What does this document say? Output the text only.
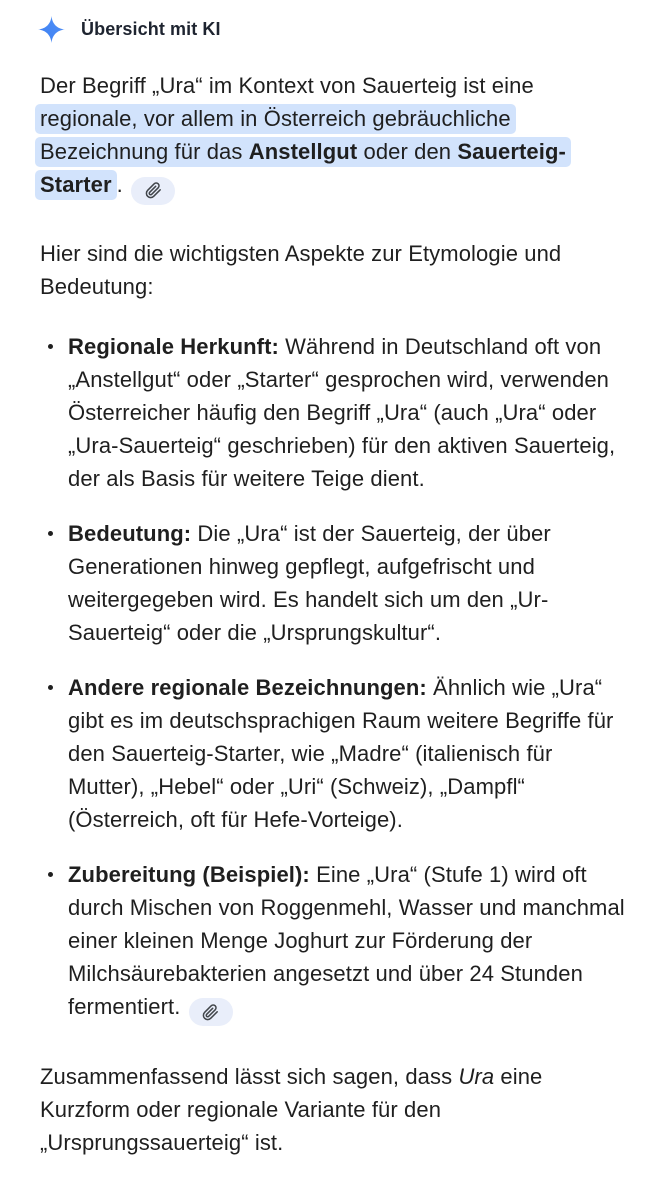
Übersicht mit KI

Der Begriff „Ura“ im Kontext von Sauerteig ist eine regionale, vor allem in Österreich gebräuchliche Bezeichnung für das Anstellgut oder den Sauerteig-Starter .

Hier sind die wichtigsten Aspekte zur Etymologie und Bedeutung:

Regionale Herkunft: Während in Deutschland oft von „Anstellgut“ oder „Starter“ gesprochen wird, verwenden Österreicher häufig den Begriff „Ura“ (auch „Ura“ oder „Ura-Sauerteig“ geschrieben) für den aktiven Sauerteig, der als Basis für weitere Teige dient.
Bedeutung: Die „Ura“ ist der Sauerteig, der über Generationen hinweg gepflegt, aufgefrischt und weitergegeben wird. Es handelt sich um den „Ur-Sauerteig“ oder die „Ursprungskultur“.
Andere regionale Bezeichnungen: Ähnlich wie „Ura“ gibt es im deutschsprachigen Raum weitere Begriffe für den Sauerteig-Starter, wie „Madre“ (italienisch für Mutter), „Hebel“ oder „Uri“ (Schweiz), „Dampfl“ (Österreich, oft für Hefe-Vorteige).
Zubereitung (Beispiel): Eine „Ura“ (Stufe 1) wird oft durch Mischen von Roggenmehl, Wasser und manchmal einer kleinen Menge Joghurt zur Förderung der Milchsäurebakterien angesetzt und über 24 Stunden fermentiert.

Zusammenfassend lässt sich sagen, dass Ura eine Kurzform oder regionale Variante für den „Ursprungssauerteig“ ist.
